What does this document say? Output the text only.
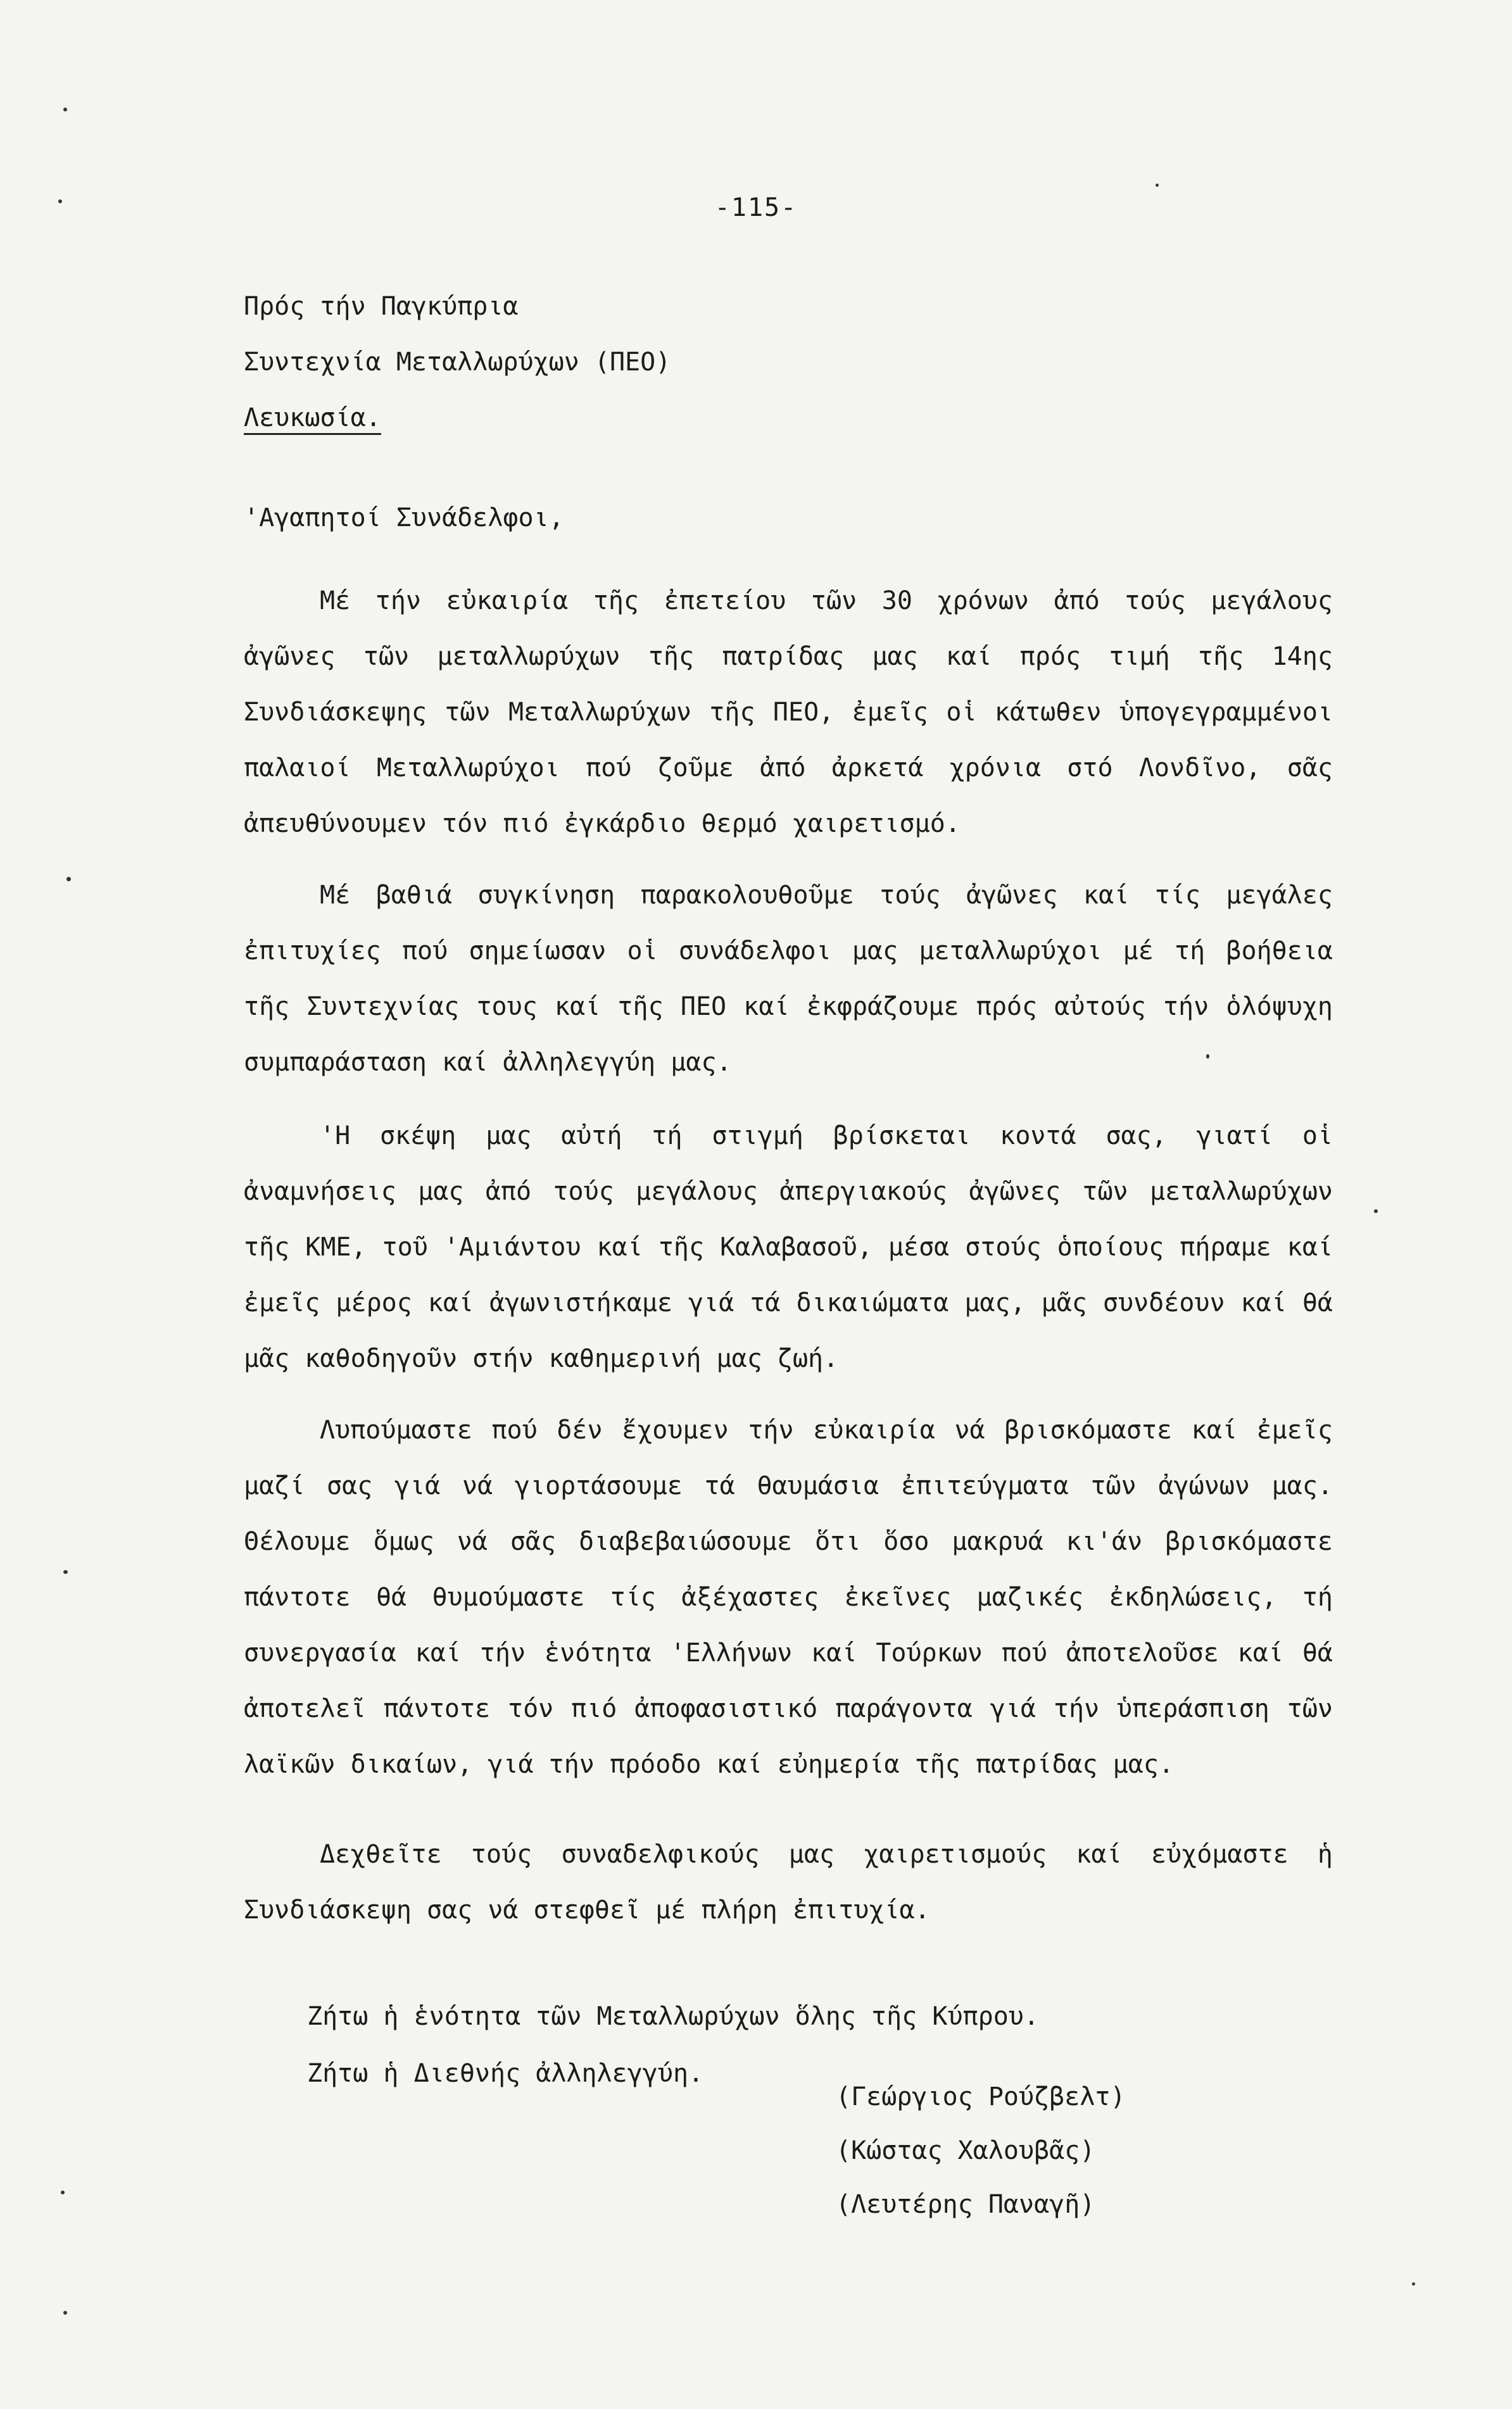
-115-
Πρός τήν Παγκύπρια
Συντεχνία Μεταλλωρύχων (ΠΕΟ)
Λευκωσία.
'Αγαπητοί Συνάδελφοι,

Μέ τήν εὐκαιρία τῆς ἐπετείου τῶν 30 χρόνων ἀπό τούς μεγάλους ἀγῶνες τῶν μεταλλωρύχων τῆς πατρίδας μας καί πρός τιμή τῆς 14ης Συνδιάσκεψης τῶν Μεταλλωρύχων τῆς ΠΕΟ, ἐμεῖς οἱ κάτωθεν ὑπογεγραμμένοι παλαιοί Μεταλλωρύχοι πού ζοῦμε ἀπό ἀρκετά χρόνια στό Λονδῖνο, σᾶς ἀπευθύνουμεν τόν πιό ἐγκάρδιο θερμό χαιρετισμό.

Μέ βαθιά συγκίνηση παρακολουθοῦμε τούς ἀγῶνες καί τίς μεγάλες ἐπιτυχίες πού σημείωσαν οἱ συνάδελφοι μας μεταλλωρύχοι μέ τή βοήθεια τῆς Συντεχνίας τους καί τῆς ΠΕΟ καί ἐκφράζουμε πρός αὐτούς τήν ὁλόψυχη συμπαράσταση καί ἀλληλεγγύη μας.

'Η σκέψη μας αὐτή τή στιγμή βρίσκεται κοντά σας, γιατί οἱ ἀναμνήσεις μας ἀπό τούς μεγάλους ἀπεργιακούς ἀγῶνες τῶν μεταλλωρύχων τῆς ΚΜΕ, τοῦ 'Αμιάντου καί τῆς Καλαβασοῦ, μέσα στούς ὁποίους πήραμε καί ἐμεῖς μέρος καί ἀγωνιστήκαμε γιά τά δικαιώματα μας, μᾶς συνδέουν καί θά μᾶς καθοδηγοῦν στήν καθημερινή μας ζωή.

Λυπούμαστε πού δέν ἔχουμεν τήν εὐκαιρία νά βρισκόμαστε καί ἐμεῖς μαζί σας γιά νά γιορτάσουμε τά θαυμάσια ἐπιτεύγματα τῶν ἀγώνων μας. Θέλουμε ὅμως νά σᾶς διαβεβαιώσουμε ὅτι ὅσο μακρυά κι'άν βρισκόμαστε πάντοτε θά θυμούμαστε τίς ἀξέχαστες ἐκεῖνες μαζικές ἐκδηλώσεις, τή συνεργασία καί τήν ἑνότητα 'Ελλήνων καί Τούρκων πού ἀποτελοῦσε καί θά ἀποτελεῖ πάντοτε τόν πιό ἀποφασιστικό παράγοντα γιά τήν ὑπεράσπιση τῶν λαϊκῶν δικαίων, γιά τήν πρόοδο καί εὐημερία τῆς πατρίδας μας.

Δεχθεῖτε τούς συναδελφικούς μας χαιρετισμούς καί εὐχόμαστε ἡ Συνδιάσκεψη σας νά στεφθεῖ μέ πλήρη ἐπιτυχία.

Ζήτω ἡ ἑνότητα τῶν Μεταλλωρύχων ὅλης τῆς Κύπρου.
Ζήτω ἡ Διεθνής ἀλληλεγγύη.
(Γεώργιος Ρούζβελτ)
(Κώστας Χαλουβᾶς)
(Λευτέρης Παναγῆ)
